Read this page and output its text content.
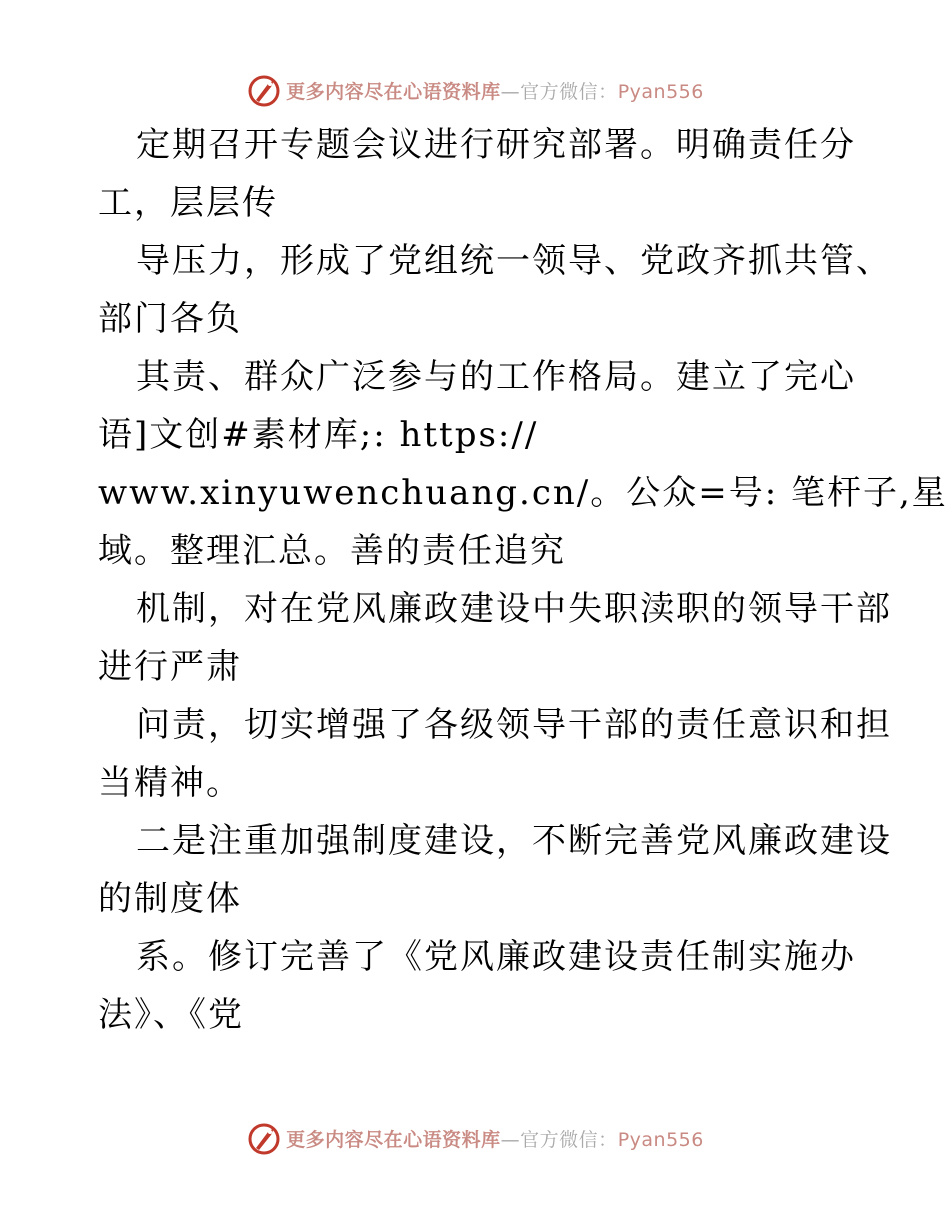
更多内容尽在心语资料库—官方微信：Pyan556
定期召开专题会议进行研究部署。明确责任分
工，层层传
导压力，形成了党组统一领导、党政齐抓共管、
部门各负
其责、群众广泛参与的工作格局。建立了完心
语]文创#素材库;: https://
www.xinyuwenchuang.cn/。公众=号: 笔杆子,星
域。整理汇总。善的责任追究
机制，对在党风廉政建设中失职渎职的领导干部
进行严肃
问责，切实增强了各级领导干部的责任意识和担
当精神。
二是注重加强制度建设，不断完善党风廉政建设
的制度体
系。修订完善了《党风廉政建设责任制实施办
法》、《党
更多内容尽在心语资料库—官方微信：Pyan556
